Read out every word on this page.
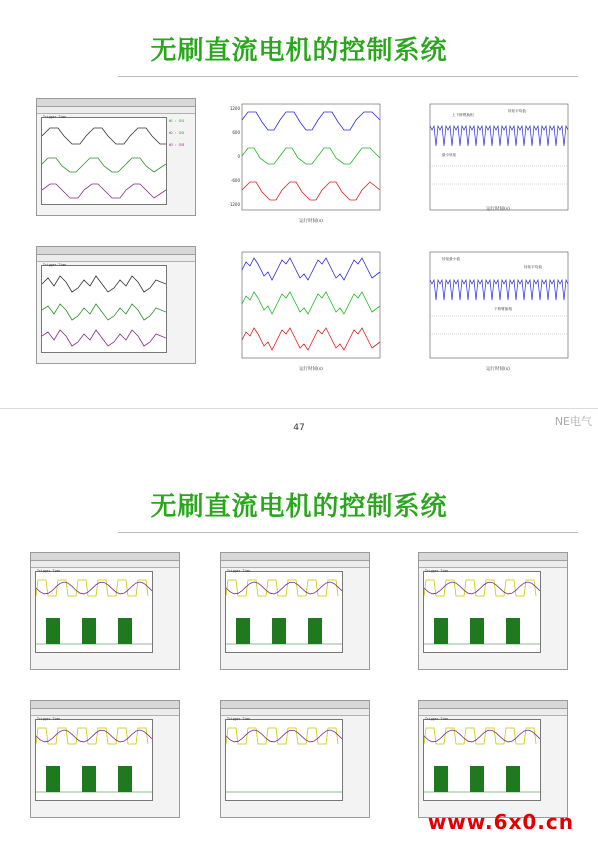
无刷直流电机的控制系统
Trigger Time
W1 : CH1
W2 : CH2
W3 : CH3
Trigger Time
1200
600
0
-600
-1200
运行时间(s)
运行时间(s)
上下桥臂换相
转矩平均值
最小转矩
运行时间(s)
转矩最小值
转矩平均值
下桥臂换相
运行时间(s)
47	NE电气
无刷直流电机的控制系统
Trigger Time	Trigger Time	Trigger Time
Trigger Time	Trigger Time	Trigger Time
www.6x0.cn
